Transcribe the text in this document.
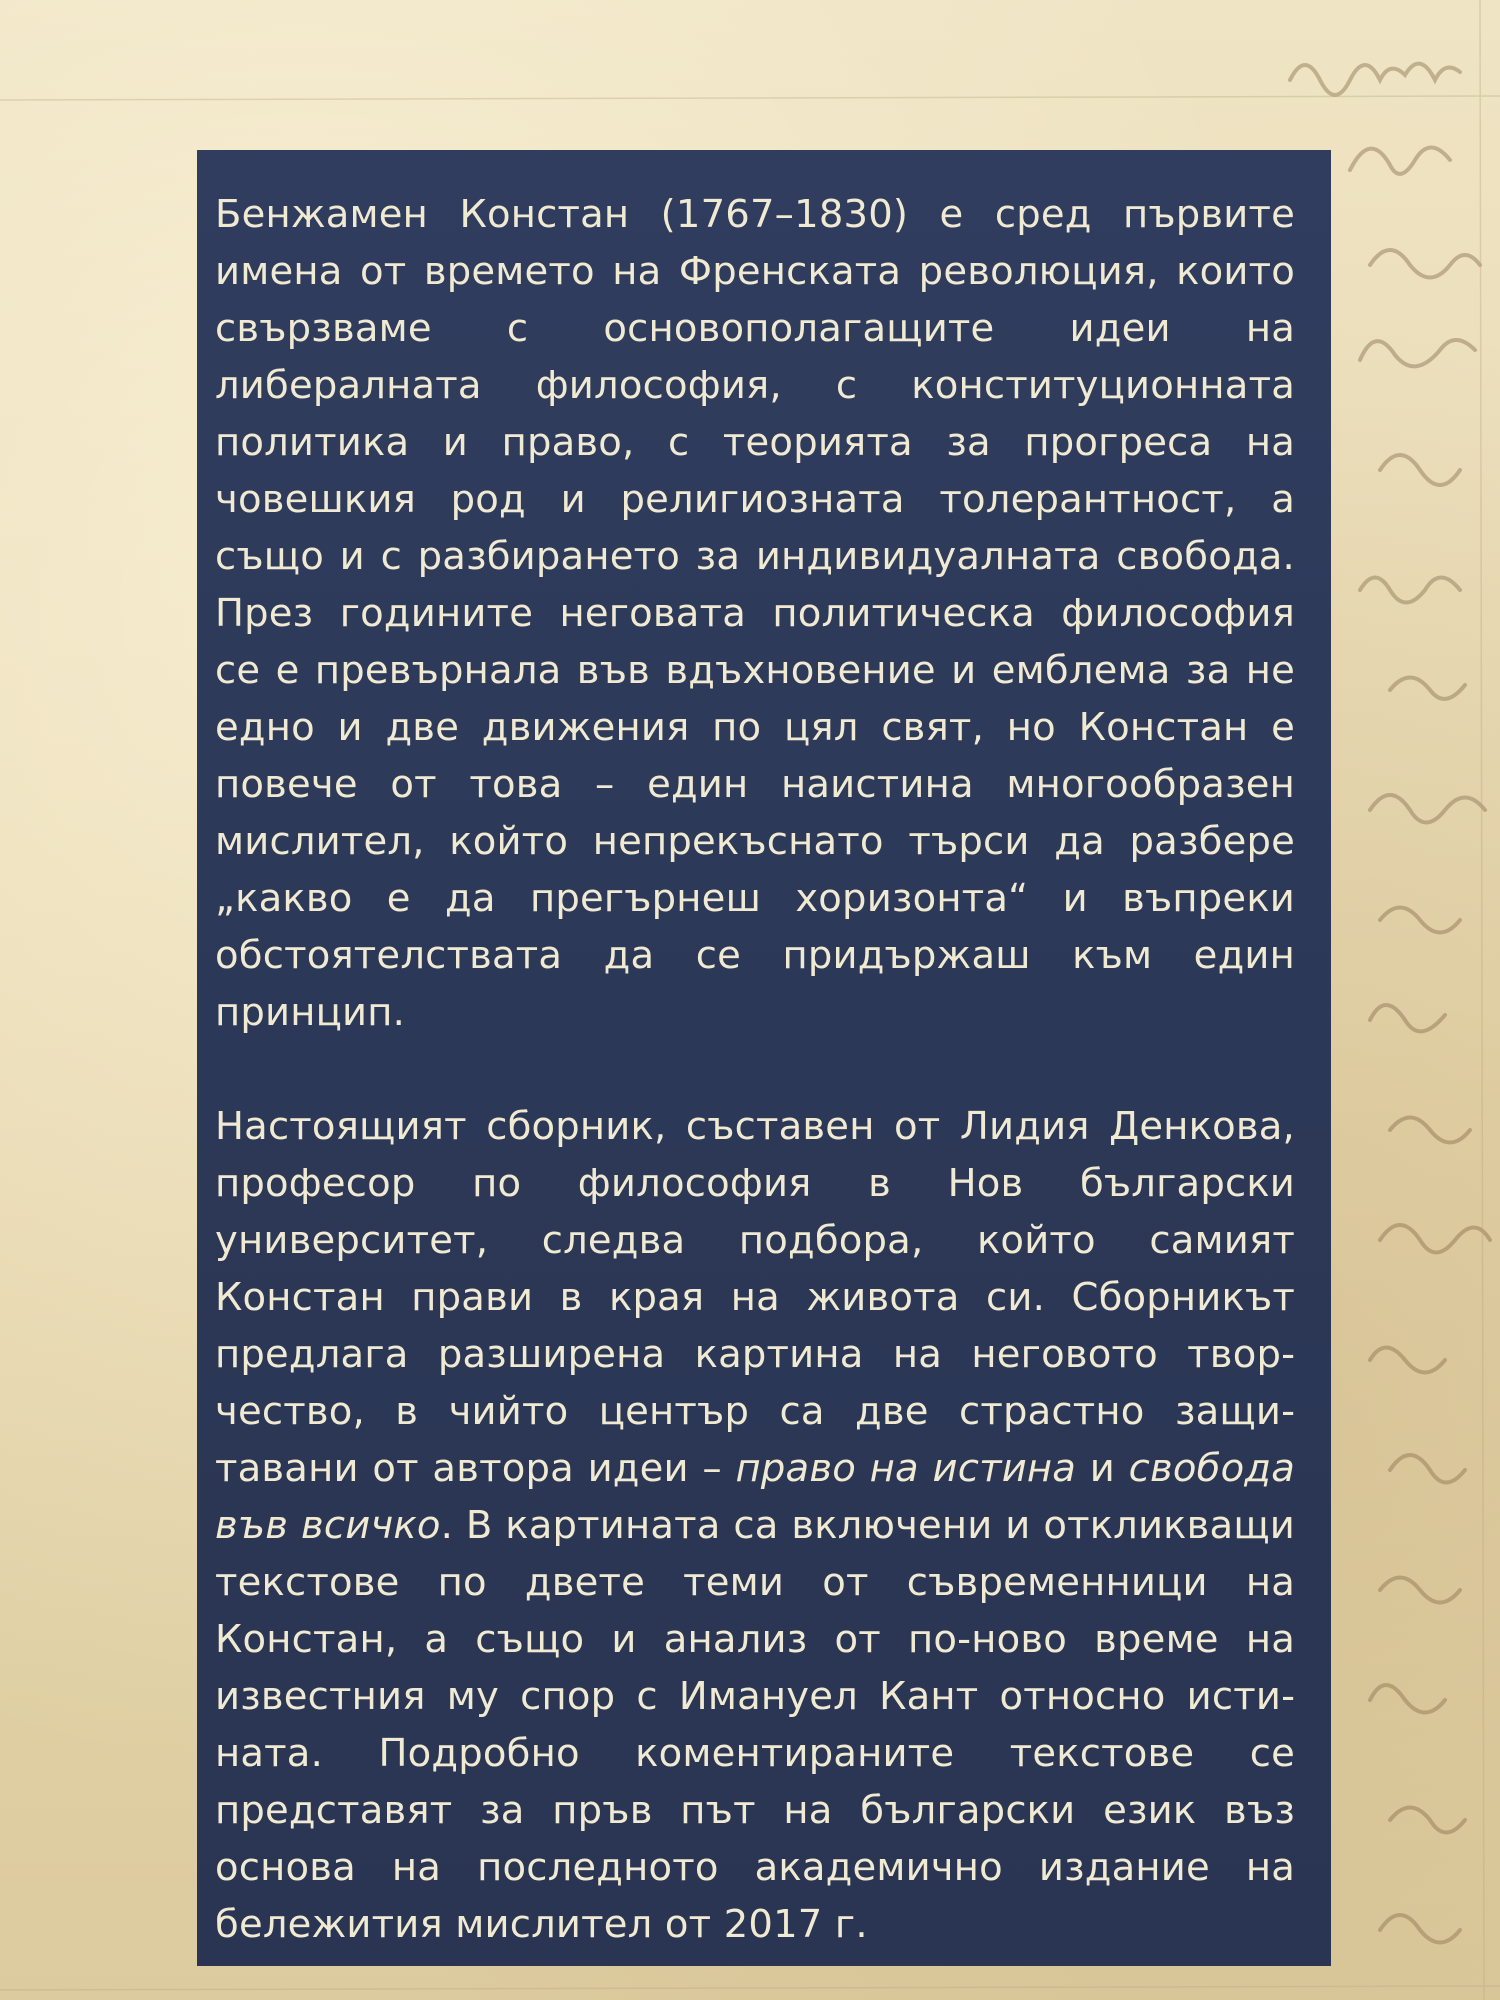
Бенжамен Констан (1767–1830) е сред първите имена от времето на Френската революция, които свързваме с основополагащите идеи на либералната философия, с конституционната политика и право, с теорията за прогреса на човешкия род и религиозната толерантност, а също и с разбирането за индивидуалната свобода. През годините неговата политическа философия се е превърнала във вдъхновение и емблема за не едно и две движения по цял свят, но Констан е повече от това – един наистина многообразен мислител, който непрекъснато търси да разбере „какво е да прегърнеш хоризонта“ и въпреки обстоятелствата да се придържаш към един принцип.

Настоящият сборник, съставен от Лидия Денкова, професор по философия в Нов български университет, следва подбора, който самият Констан прави в края на живота си. Сборникът предлага разширена картина на неговото творчество, в чийто център са две страстно защитавани от автора идеи – право на истина и свобода във всичко. В картината са включени и откликващи текстове по двете теми от съвременници на Констан, а също и анализ от по-ново време на известния му спор с Имануел Кант относно истината. Подробно коментираните текстове се представят за пръв път на български език въз основа на последното академично издание на бележития мислител от 2017 г.
